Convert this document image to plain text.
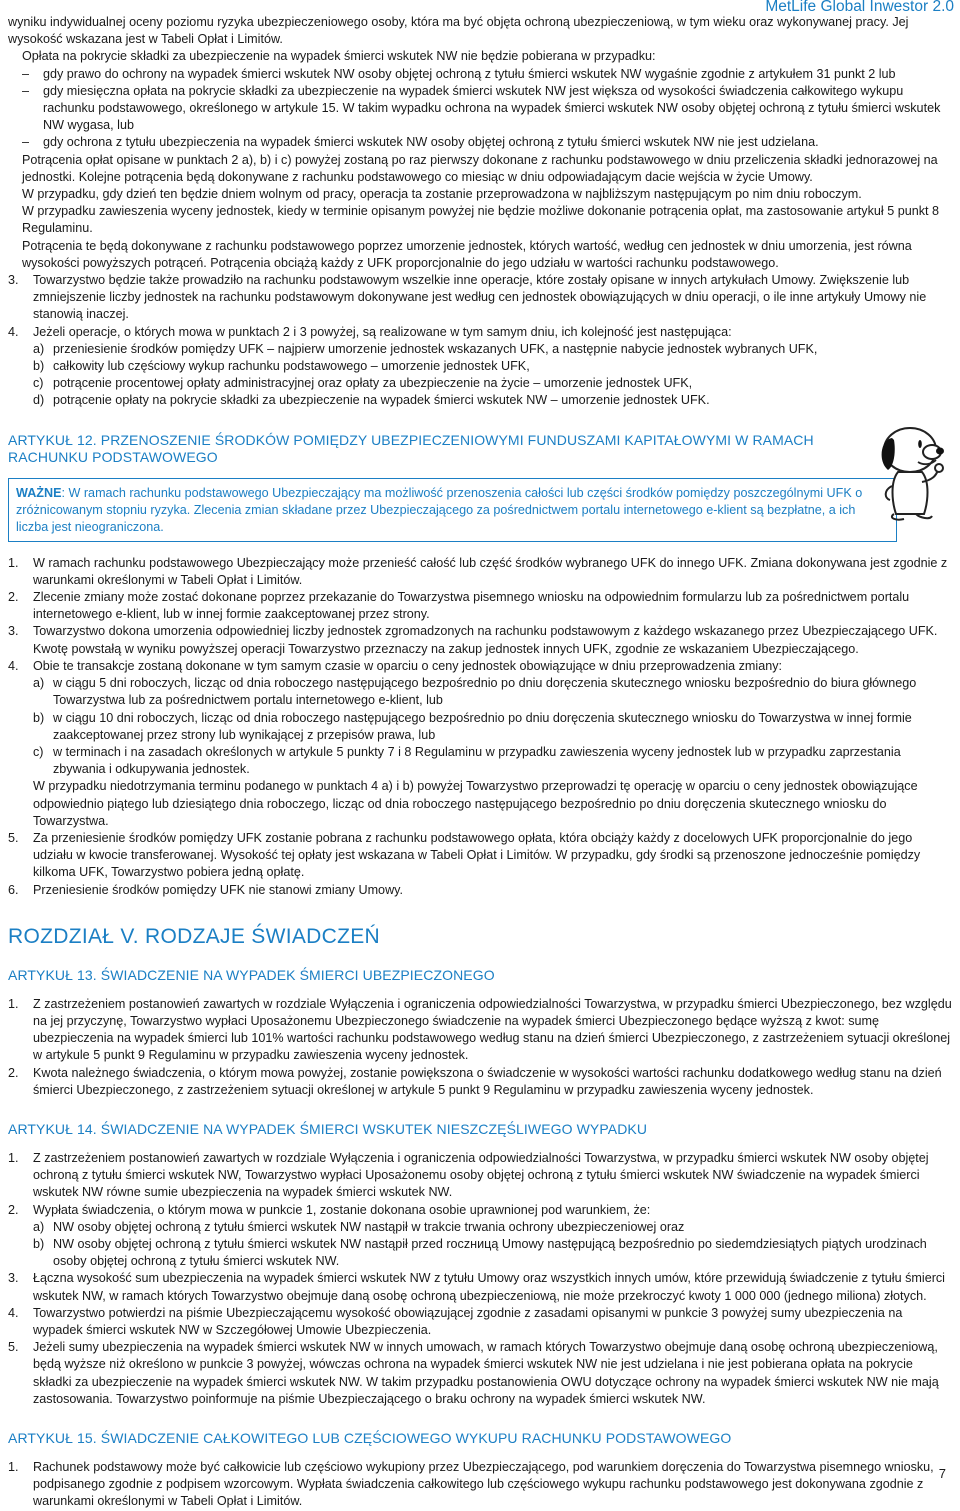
MetLife Global Inwestor 2.0

wyniku indywidualnej oceny poziomu ryzyka ubezpieczeniowego osoby, która ma być objęta ochroną ubezpieczeniową, w tym wieku oraz wykonywanej pracy. Jej wysokość wskazana jest w Tabeli Opłat i Limitów.

Opłata na pokrycie składki za ubezpieczenie na wypadek śmierci wskutek NW nie będzie pobierana w przypadku:

– gdy prawo do ochrony na wypadek śmierci wskutek NW osoby objętej ochroną z tytułu śmierci wskutek NW wygaśnie zgodnie z artykułem 31 punkt 2 lub

– gdy miesięczna opłata na pokrycie składki za ubezpieczenie na wypadek śmierci wskutek NW jest większa od wysokości świadczenia całkowitego wykupu rachunku podstawowego, określonego w artykule 15. W takim wypadku ochrona na wypadek śmierci wskutek NW osoby objętej ochroną z tytułu śmierci wskutek NW wygasa, lub

– gdy ochrona z tytułu ubezpieczenia na wypadek śmierci wskutek NW osoby objętej ochroną z tytułu śmierci wskutek NW nie jest udzielana.

Potrącenia opłat opisane w punktach 2 a), b) i c) powyżej zostaną po raz pierwszy dokonane z rachunku podstawowego w dniu przeliczenia składki jednorazowej na jednostki. Kolejne potrącenia będą dokonywane z rachunku podstawowego co miesiąc w dniu odpowiadającym dacie wejścia w życie Umowy.

W przypadku, gdy dzień ten będzie dniem wolnym od pracy, operacja ta zostanie przeprowadzona w najbliższym następującym po nim dniu roboczym.

W przypadku zawieszenia wyceny jednostek, kiedy w terminie opisanym powyżej nie będzie możliwe dokonanie potrącenia opłat, ma zastosowanie artykuł 5 punkt 8 Regulaminu.

Potrącenia te będą dokonywane z rachunku podstawowego poprzez umorzenie jednostek, których wartość, według cen jednostek w dniu umorzenia, jest równa wysokości powyższych potrąceń. Potrącenia obciążą każdy z UFK proporcjonalnie do jego udziału w wartości rachunku podstawowego.

3. Towarzystwo będzie także prowadziło na rachunku podstawowym wszelkie inne operacje, które zostały opisane w innych artykułach Umowy. Zwiększenie lub zmniejszenie liczby jednostek na rachunku podstawowym dokonywane jest według cen jednostek obowiązujących w dniu operacji, o ile inne artykuły Umowy nie stanowią inaczej.

4. Jeżeli operacje, o których mowa w punktach 2 i 3 powyżej, są realizowane w tym samym dniu, ich kolejność jest następująca:

a) przeniesienie środków pomiędzy UFK – najpierw umorzenie jednostek wskazanych UFK, a następnie nabycie jednostek wybranych UFK,

b) całkowity lub częściowy wykup rachunku podstawowego – umorzenie jednostek UFK,

c) potrącenie procentowej opłaty administracyjnej oraz opłaty za ubezpieczenie na życie – umorzenie jednostek UFK,

d) potrącenie opłaty na pokrycie składki za ubezpieczenie na wypadek śmierci wskutek NW – umorzenie jednostek UFK.

ARTYKUŁ 12. PRZENOSZENIE ŚRODKÓW POMIĘDZY UBEZPIECZENIOWYMI FUNDUSZAMI KAPITAŁOWYMI W RAMACH RACHUNKU PODSTAWOWEGO

WAŻNE: W ramach rachunku podstawowego Ubezpieczający ma możliwość przenoszenia całości lub części środków pomiędzy poszczególnymi UFK o zróżnicowanym stopniu ryzyka. Zlecenia zmian składane przez Ubezpieczającego za pośrednictwem portalu internetowego e-klient są bezpłatne, a ich liczba jest nieograniczona.

1. W ramach rachunku podstawowego Ubezpieczający może przenieść całość lub część środków wybranego UFK do innego UFK. Zmiana dokonywana jest zgodnie z warunkami określonymi w Tabeli Opłat i Limitów.

2. Zlecenie zmiany może zostać dokonane poprzez przekazanie do Towarzystwa pisemnego wniosku na odpowiednim formularzu lub za pośrednictwem portalu internetowego e-klient, lub w innej formie zaakceptowanej przez strony.

3. Towarzystwo dokona umorzenia odpowiedniej liczby jednostek zgromadzonych na rachunku podstawowym z każdego wskazanego przez Ubezpieczającego UFK. Kwotę powstałą w wyniku powyższej operacji Towarzystwo przeznaczy na zakup jednostek innych UFK, zgodnie ze wskazaniem Ubezpieczającego.

4. Obie te transakcje zostaną dokonane w tym samym czasie w oparciu o ceny jednostek obowiązujące w dniu przeprowadzenia zmiany:

a) w ciągu 5 dni roboczych, licząc od dnia roboczego następującego bezpośrednio po dniu doręczenia skutecznego wniosku bezpośrednio do biura głównego Towarzystwa lub za pośrednictwem portalu internetowego e-klient, lub

b) w ciągu 10 dni roboczych, licząc od dnia roboczego następującego bezpośrednio po dniu doręczenia skutecznego wniosku do Towarzystwa w innej formie zaakceptowanej przez strony lub wynikającej z przepisów prawa, lub

c) w terminach i na zasadach określonych w artykule 5 punkty 7 i 8 Regulaminu w przypadku zawieszenia wyceny jednostek lub w przypadku zaprzestania zbywania i odkupywania jednostek.

W przypadku niedotrzymania terminu podanego w punktach 4 a) i b) powyżej Towarzystwo przeprowadzi tę operację w oparciu o ceny jednostek obowiązujące odpowiednio piątego lub dziesiątego dnia roboczego, licząc od dnia roboczego następującego bezpośrednio po dniu doręczenia skutecznego wniosku do Towarzystwa.

5. Za przeniesienie środków pomiędzy UFK zostanie pobrana z rachunku podstawowego opłata, która obciąży każdy z docelowych UFK proporcjonalnie do jego udziału w kwocie transferowanej. Wysokość tej opłaty jest wskazana w Tabeli Opłat i Limitów. W przypadku, gdy środki są przenoszone jednocześnie pomiędzy kilkoma UFK, Towarzystwo pobiera jedną opłatę.

6. Przeniesienie środków pomiędzy UFK nie stanowi zmiany Umowy.

ROZDZIAŁ V. RODZAJE ŚWIADCZEŃ

ARTYKUŁ 13. ŚWIADCZENIE NA WYPADEK ŚMIERCI UBEZPIECZONEGO

1. Z zastrzeżeniem postanowień zawartych w rozdziale Wyłączenia i ograniczenia odpowiedzialności Towarzystwa, w przypadku śmierci Ubezpieczonego, bez względu na jej przyczynę, Towarzystwo wypłaci Uposażonemu Ubezpieczonego świadczenie na wypadek śmierci Ubezpieczonego będące wyższą z kwot: sumę ubezpieczenia na wypadek śmierci lub 101% wartości rachunku podstawowego według stanu na dzień śmierci Ubezpieczonego, z zastrzeżeniem sytuacji określonej w artykule 5 punkt 9 Regulaminu w przypadku zawieszenia wyceny jednostek.

2. Kwota należnego świadczenia, o którym mowa powyżej, zostanie powiększona o świadczenie w wysokości wartości rachunku dodatkowego według stanu na dzień śmierci Ubezpieczonego, z zastrzeżeniem sytuacji określonej w artykule 5 punkt 9 Regulaminu w przypadku zawieszenia wyceny jednostek.

ARTYKUŁ 14. ŚWIADCZENIE NA WYPADEK ŚMIERCI WSKUTEK NIESZCZĘŚLIWEGO WYPADKU

1. Z zastrzeżeniem postanowień zawartych w rozdziale Wyłączenia i ograniczenia odpowiedzialności Towarzystwa, w przypadku śmierci wskutek NW osoby objętej ochroną z tytułu śmierci wskutek NW, Towarzystwo wypłaci Uposażonemu osoby objętej ochroną z tytułu śmierci wskutek NW świadczenie na wypadek śmierci wskutek NW równe sumie ubezpieczenia na wypadek śmierci wskutek NW.

2. Wypłata świadczenia, o którym mowa w punkcie 1, zostanie dokonana osobie uprawnionej pod warunkiem, że:

a) NW osoby objętej ochroną z tytułu śmierci wskutek NW nastąpił w trakcie trwania ochrony ubezpieczeniowej oraz

b) NW osoby objętej ochroną z tytułu śmierci wskutek NW nastąpił przed roczницą Umowy następującą bezpośrednio po siedemdziesiątych piątych urodzinach osoby objętej ochroną z tytułu śmierci wskutek NW.

3. Łączna wysokość sum ubezpieczenia na wypadek śmierci wskutek NW z tytułu Umowy oraz wszystkich innych umów, które przewidują świadczenie z tytułu śmierci wskutek NW, w ramach których Towarzystwo obejmuje daną osobę ochroną ubezpieczeniową, nie może przekroczyć kwoty 1 000 000 (jednego miliona) złotych.

4. Towarzystwo potwierdzi na piśmie Ubezpieczającemu wysokość obowiązującej zgodnie z zasadami opisanymi w punkcie 3 powyżej sumy ubezpieczenia na wypadek śmierci wskutek NW w Szczegółowej Umowie Ubezpieczenia.

5. Jeżeli sumy ubezpieczenia na wypadek śmierci wskutek NW w innych umowach, w ramach których Towarzystwo obejmuje daną osobę ochroną ubezpieczeniową, będą wyższe niż określono w punkcie 3 powyżej, wówczas ochrona na wypadek śmierci wskutek NW nie jest udzielana i nie jest pobierana opłata na pokrycie składki za ubezpieczenie na wypadek śmierci wskutek NW. W takim przypadku postanowienia OWU dotyczące ochrony na wypadek śmierci wskutek NW nie mają zastosowania. Towarzystwo poinformuje na piśmie Ubezpieczającego o braku ochrony na wypadek śmierci wskutek NW.

ARTYKUŁ 15. ŚWIADCZENIE CAŁKOWITEGO LUB CZĘŚCIOWEGO WYKUPU RACHUNKU PODSTAWOWEGO

1. Rachunek podstawowy może być całkowicie lub częściowo wykupiony przez Ubezpieczającego, pod warunkiem doręczenia do Towarzystwa pisemnego wniosku, podpisanego zgodnie z podpisem wzorcowym. Wypłata świadczenia całkowitego lub częściowego wykupu rachunku podstawowego jest dokonywana zgodnie z warunkami określonymi w Tabeli Opłat i Limitów.

7
